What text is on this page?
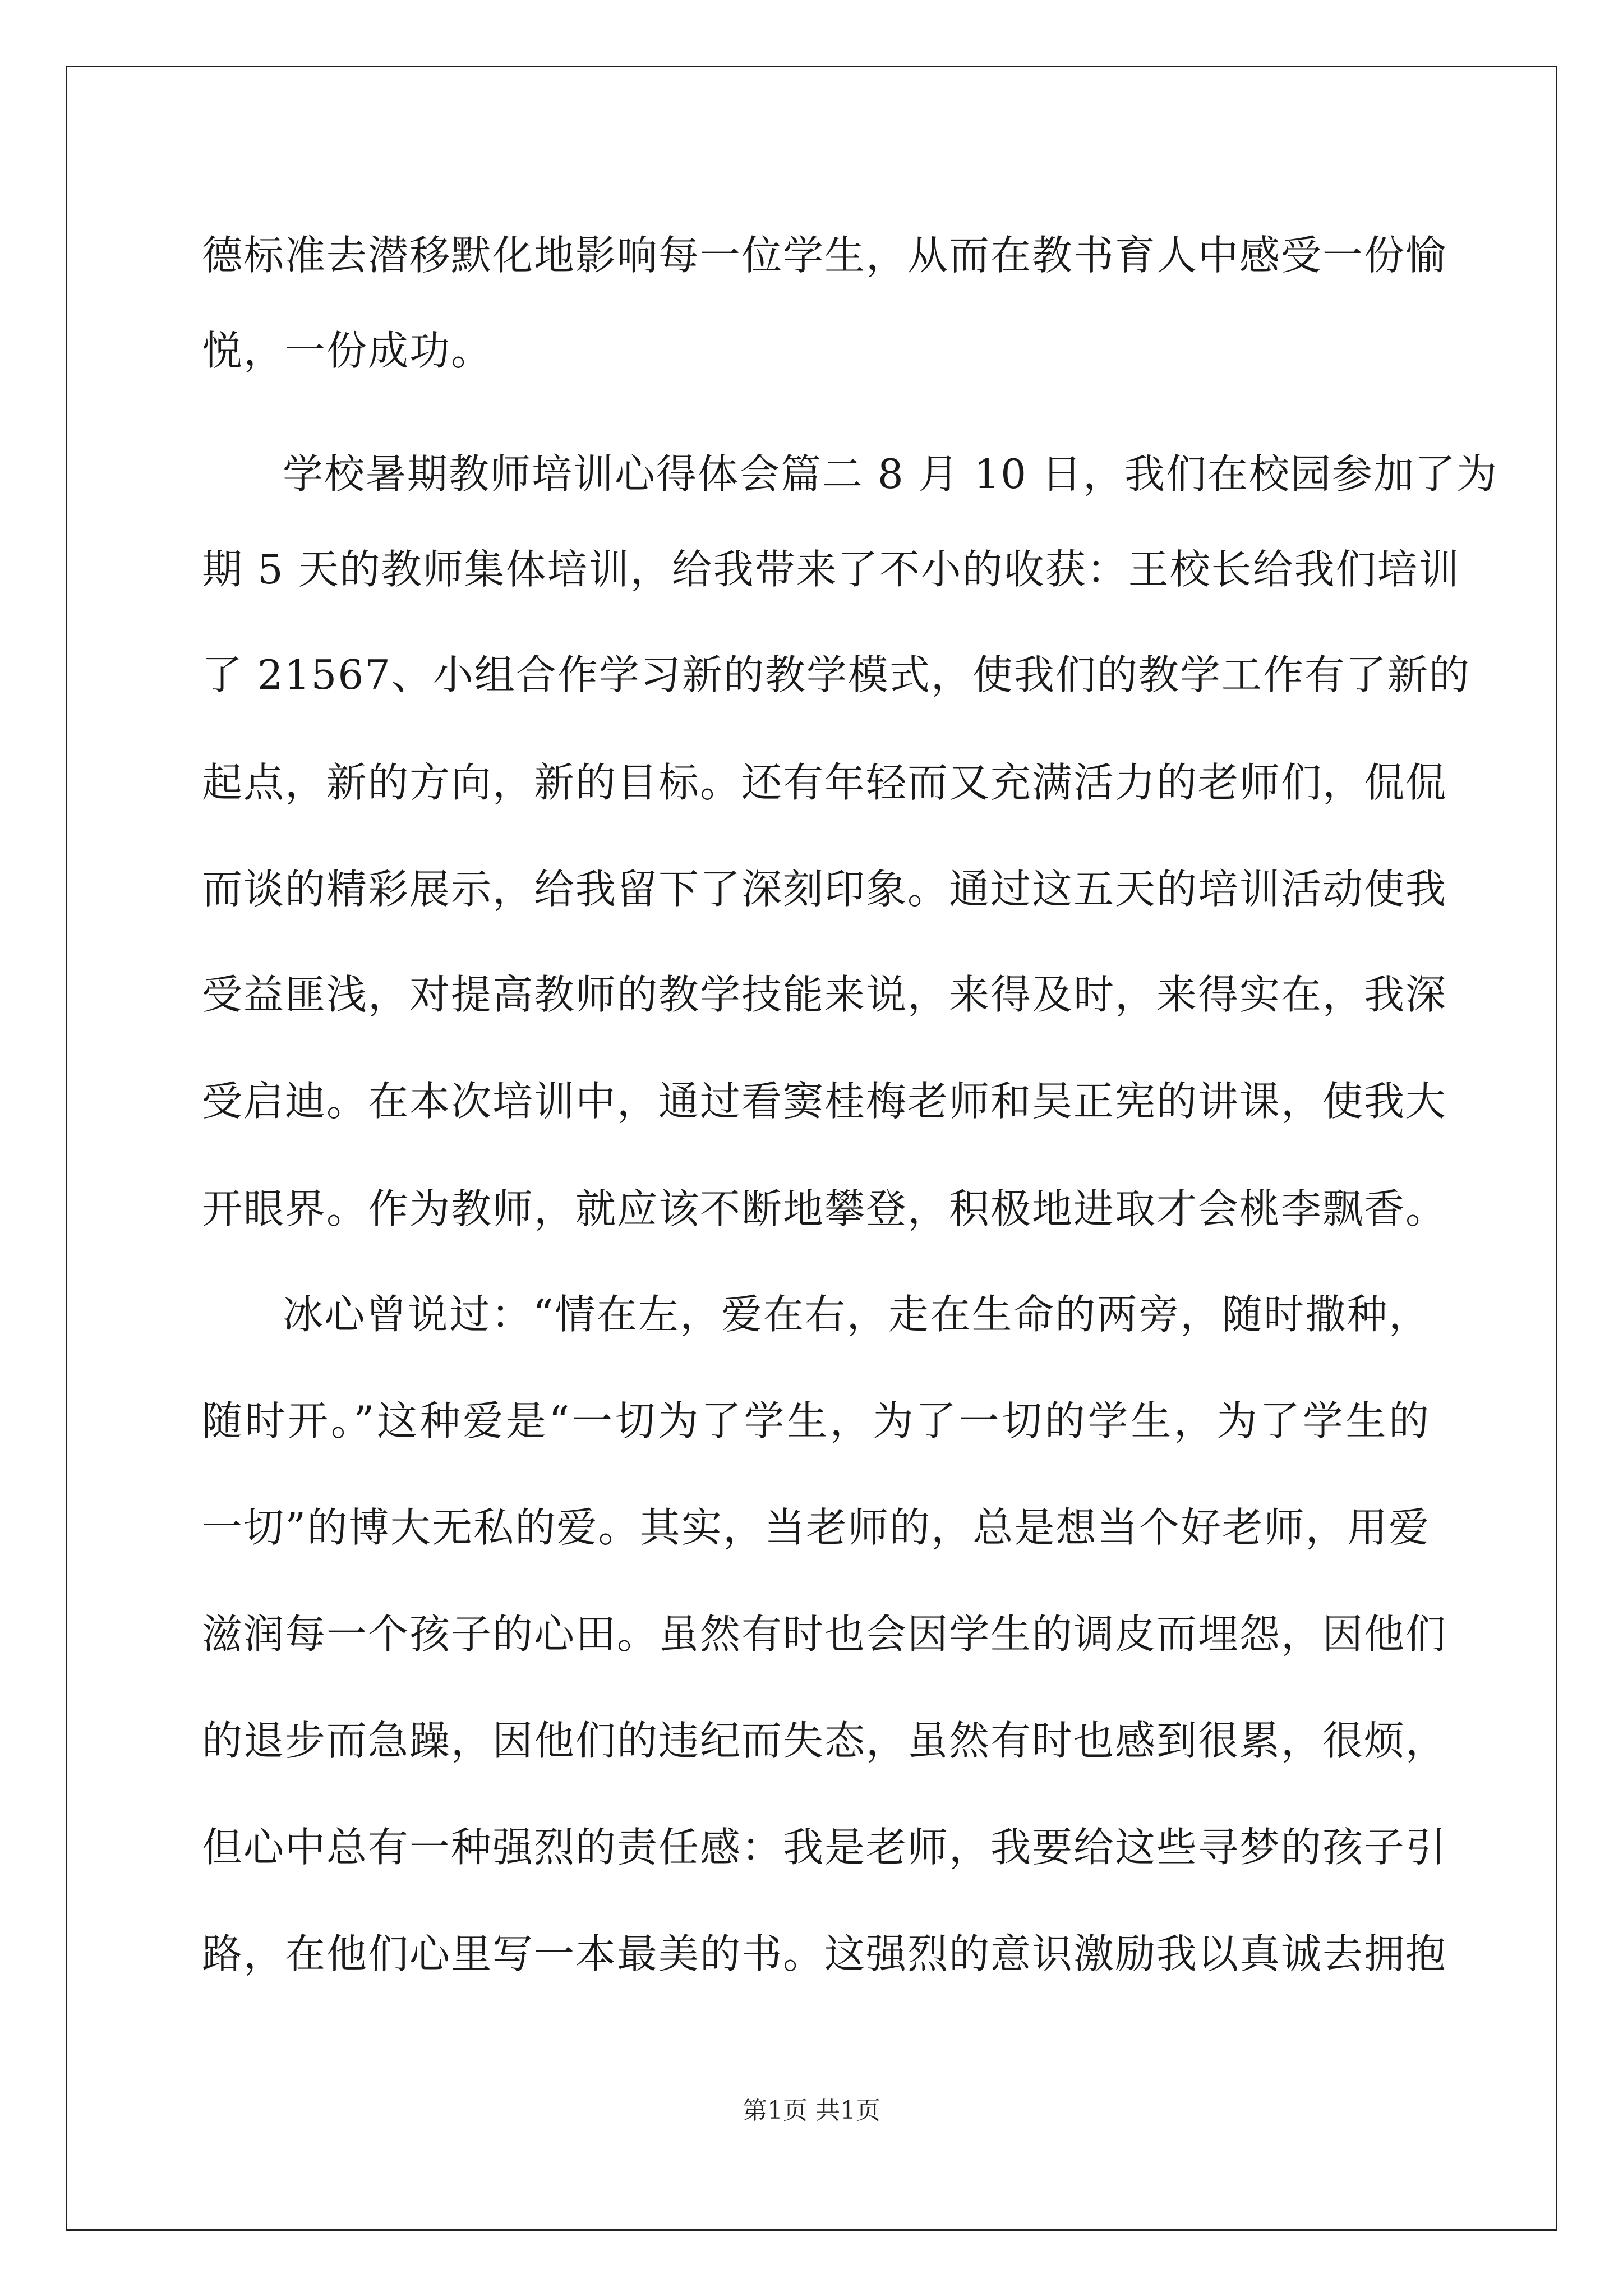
德标准去潜移默化地影响每一位学生，从而在教书育人中感受一份愉
悦，一份成功。
学校暑期教师培训心得体会篇二 8 月 10 日，我们在校园参加了为
期 5 天的教师集体培训，给我带来了不小的收获：王校长给我们培训
了 21567、小组合作学习新的教学模式，使我们的教学工作有了新的
起点，新的方向，新的目标。还有年轻而又充满活力的老师们，侃侃
而谈的精彩展示，给我留下了深刻印象。通过这五天的培训活动使我
受益匪浅，对提高教师的教学技能来说，来得及时，来得实在，我深
受启迪。在本次培训中，通过看窦桂梅老师和吴正宪的讲课，使我大
开眼界。作为教师，就应该不断地攀登，积极地进取才会桃李飘香。
冰心曾说过：“情在左，爱在右，走在生命的两旁，随时撒种，
随时开。”这种爱是“一切为了学生，为了一切的学生，为了学生的
一切”的博大无私的爱。其实，当老师的，总是想当个好老师，用爱
滋润每一个孩子的心田。虽然有时也会因学生的调皮而埋怨，因他们
的退步而急躁，因他们的违纪而失态，虽然有时也感到很累，很烦，
但心中总有一种强烈的责任感：我是老师，我要给这些寻梦的孩子引
路，在他们心里写一本最美的书。这强烈的意识激励我以真诚去拥抱
第1页 共1页
